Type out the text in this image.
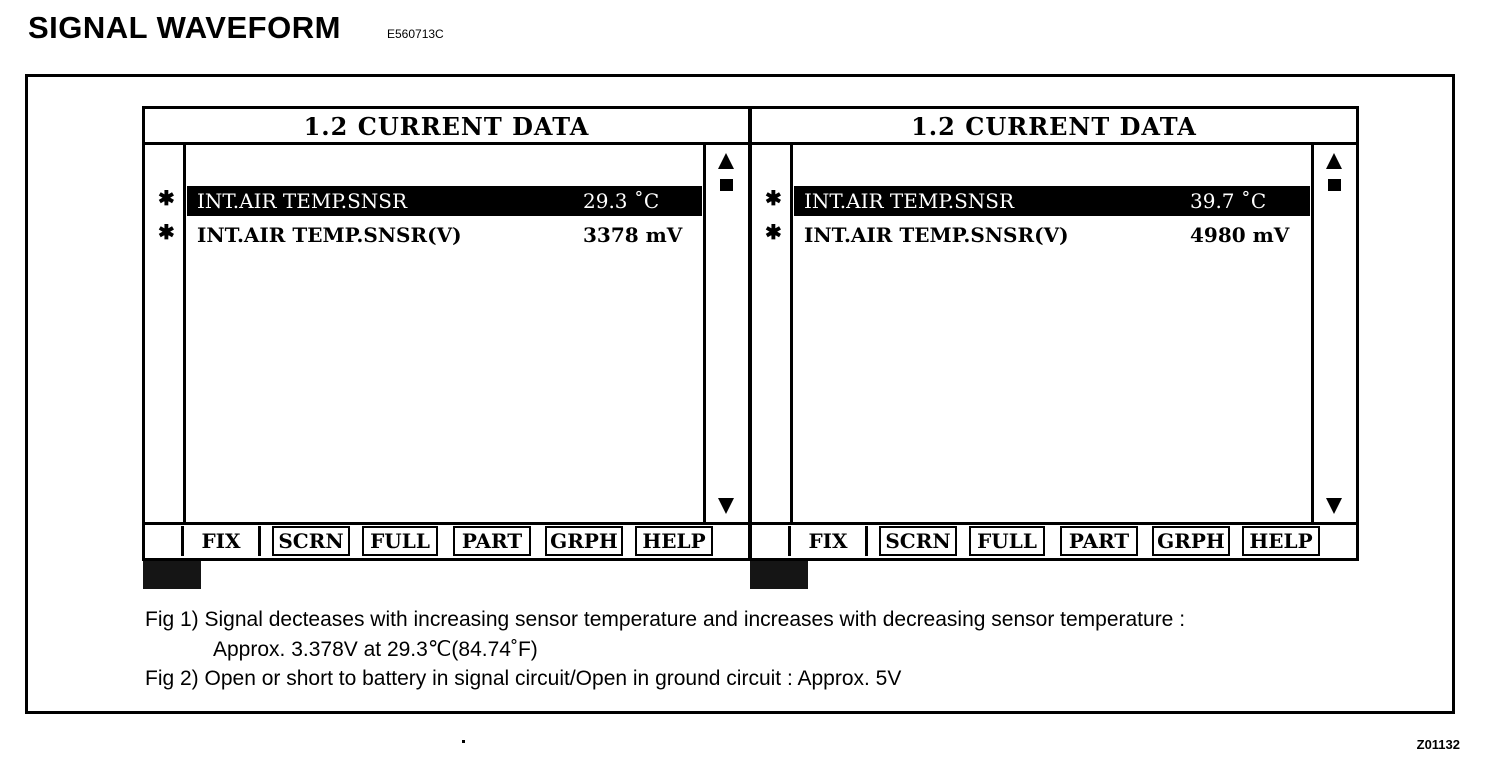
SIGNAL WAVEFORM	E560713C
1.2 CURRENT DATA
✱
✱
INT.AIR TEMP.SNSR	29.3 ˚C
INT.AIR TEMP.SNSR(V)	3378 mV
FIX	SCRN	FULL	PART	GRPH	HELP
1.2 CURRENT DATA
✱
✱
INT.AIR TEMP.SNSR	39.7 ˚C
INT.AIR TEMP.SNSR(V)	4980 mV
FIX	SCRN	FULL	PART	GRPH	HELP
Fig 1) Signal decteases with increasing sensor temperature and increases with decreasing sensor temperature :
Approx. 3.378V at 29.3℃(84.74˚F)
Fig 2) Open or short to battery in signal circuit/Open in ground circuit : Approx. 5V
Z01132
